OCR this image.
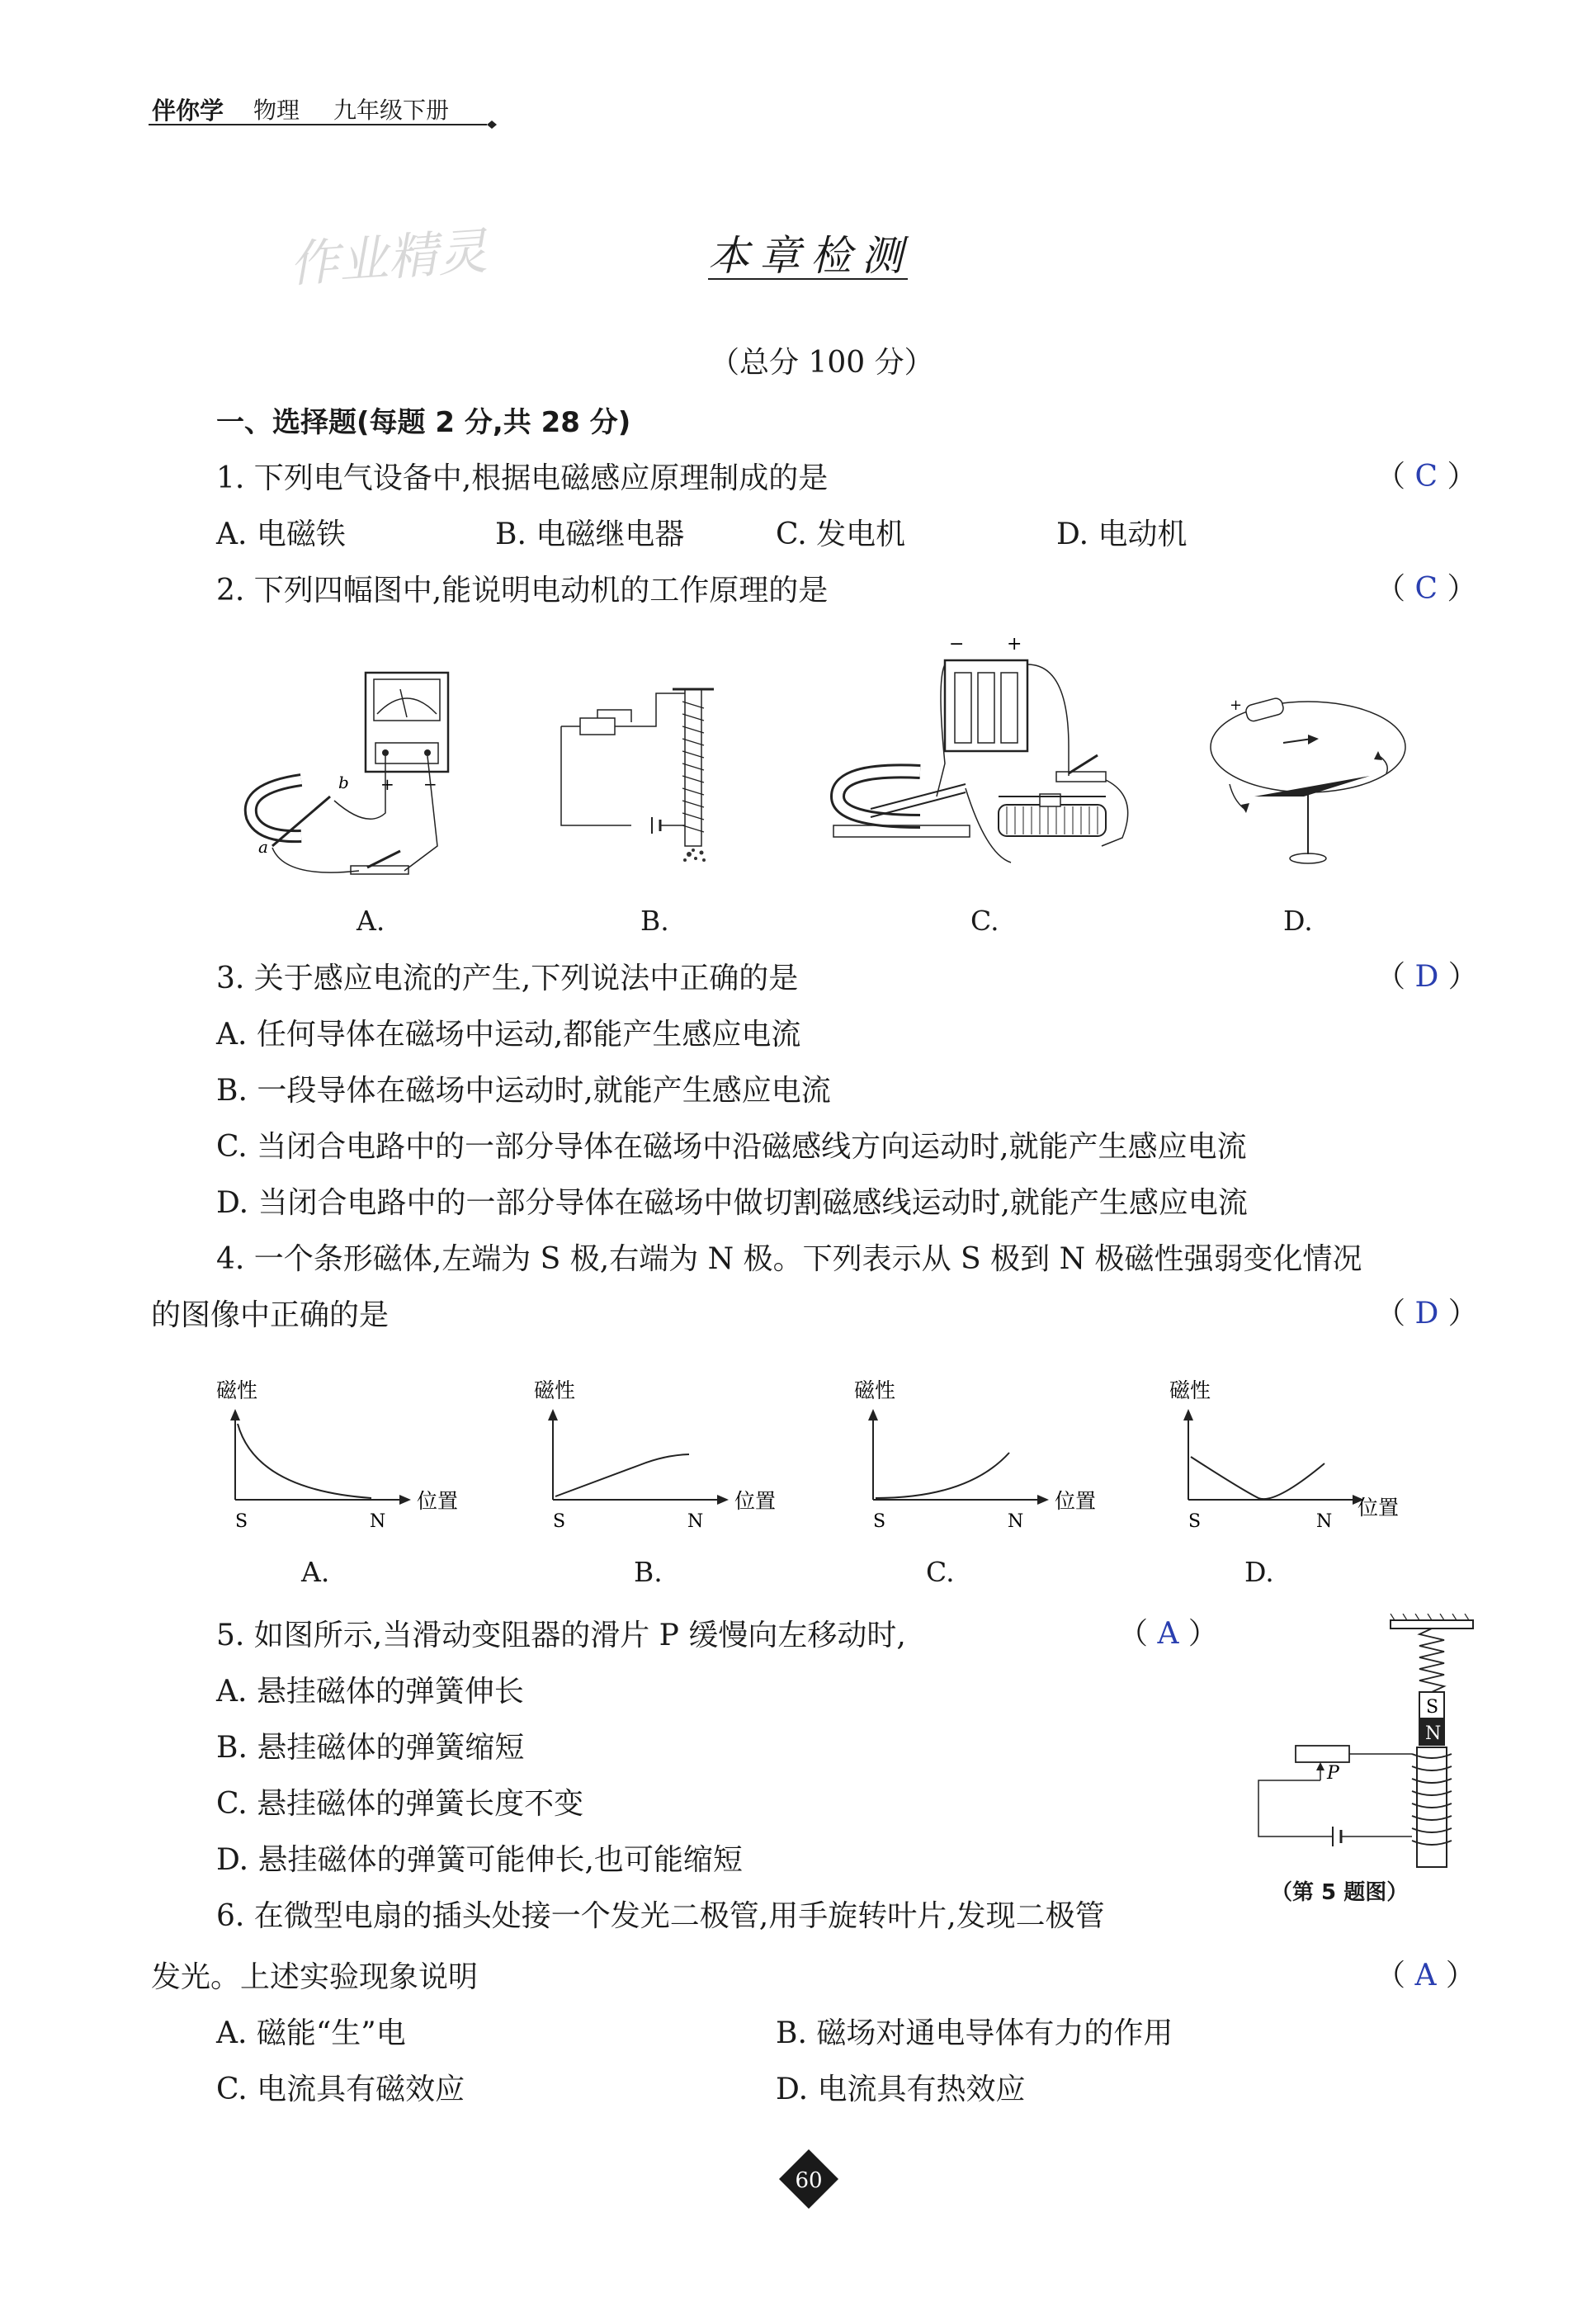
伴你学 物理 九年级下册
作业精灵	本章检测
（总分 100 分）
一、选择题(每题 2 分,共 28 分)
1. 下列电气设备中,根据电磁感应原理制成的是	（ C ）
A. 电磁铁	B. 电磁继电器	C. 发电机	D. 电动机
2. 下列四幅图中,能说明电动机的工作原理的是	（ C ）
+ −
b
a
− +
+
A.	B.	C.	D.
3. 关于感应电流的产生,下列说法中正确的是	（ D ）
A. 任何导体在磁场中运动,都能产生感应电流
B. 一段导体在磁场中运动时,就能产生感应电流
C. 当闭合电路中的一部分导体在磁场中沿磁感线方向运动时,就能产生感应电流
D. 当闭合电路中的一部分导体在磁场中做切割磁感线运动时,就能产生感应电流
4. 一个条形磁体,左端为 S 极,右端为 N 极。下列表示从 S 极到 N 极磁性强弱变化情况
的图像中正确的是	（ D ）
磁性
位置
S	N
磁性
位置
S	N
磁性
位置
S	N
磁性
位置
S	N
A.	B.	C.	D.
5. 如图所示,当滑动变阻器的滑片 P 缓慢向左移动时,	（ A ）
A. 悬挂磁体的弹簧伸长
B. 悬挂磁体的弹簧缩短
C. 悬挂磁体的弹簧长度不变
D. 悬挂磁体的弹簧可能伸长,也可能缩短
S
N
P
（第 5 题图）
6. 在微型电扇的插头处接一个发光二极管,用手旋转叶片,发现二极管
发光。上述实验现象说明	（ A ）
A. 磁能“生”电	B. 磁场对通电导体有力的作用
C. 电流具有磁效应	D. 电流具有热效应
60
